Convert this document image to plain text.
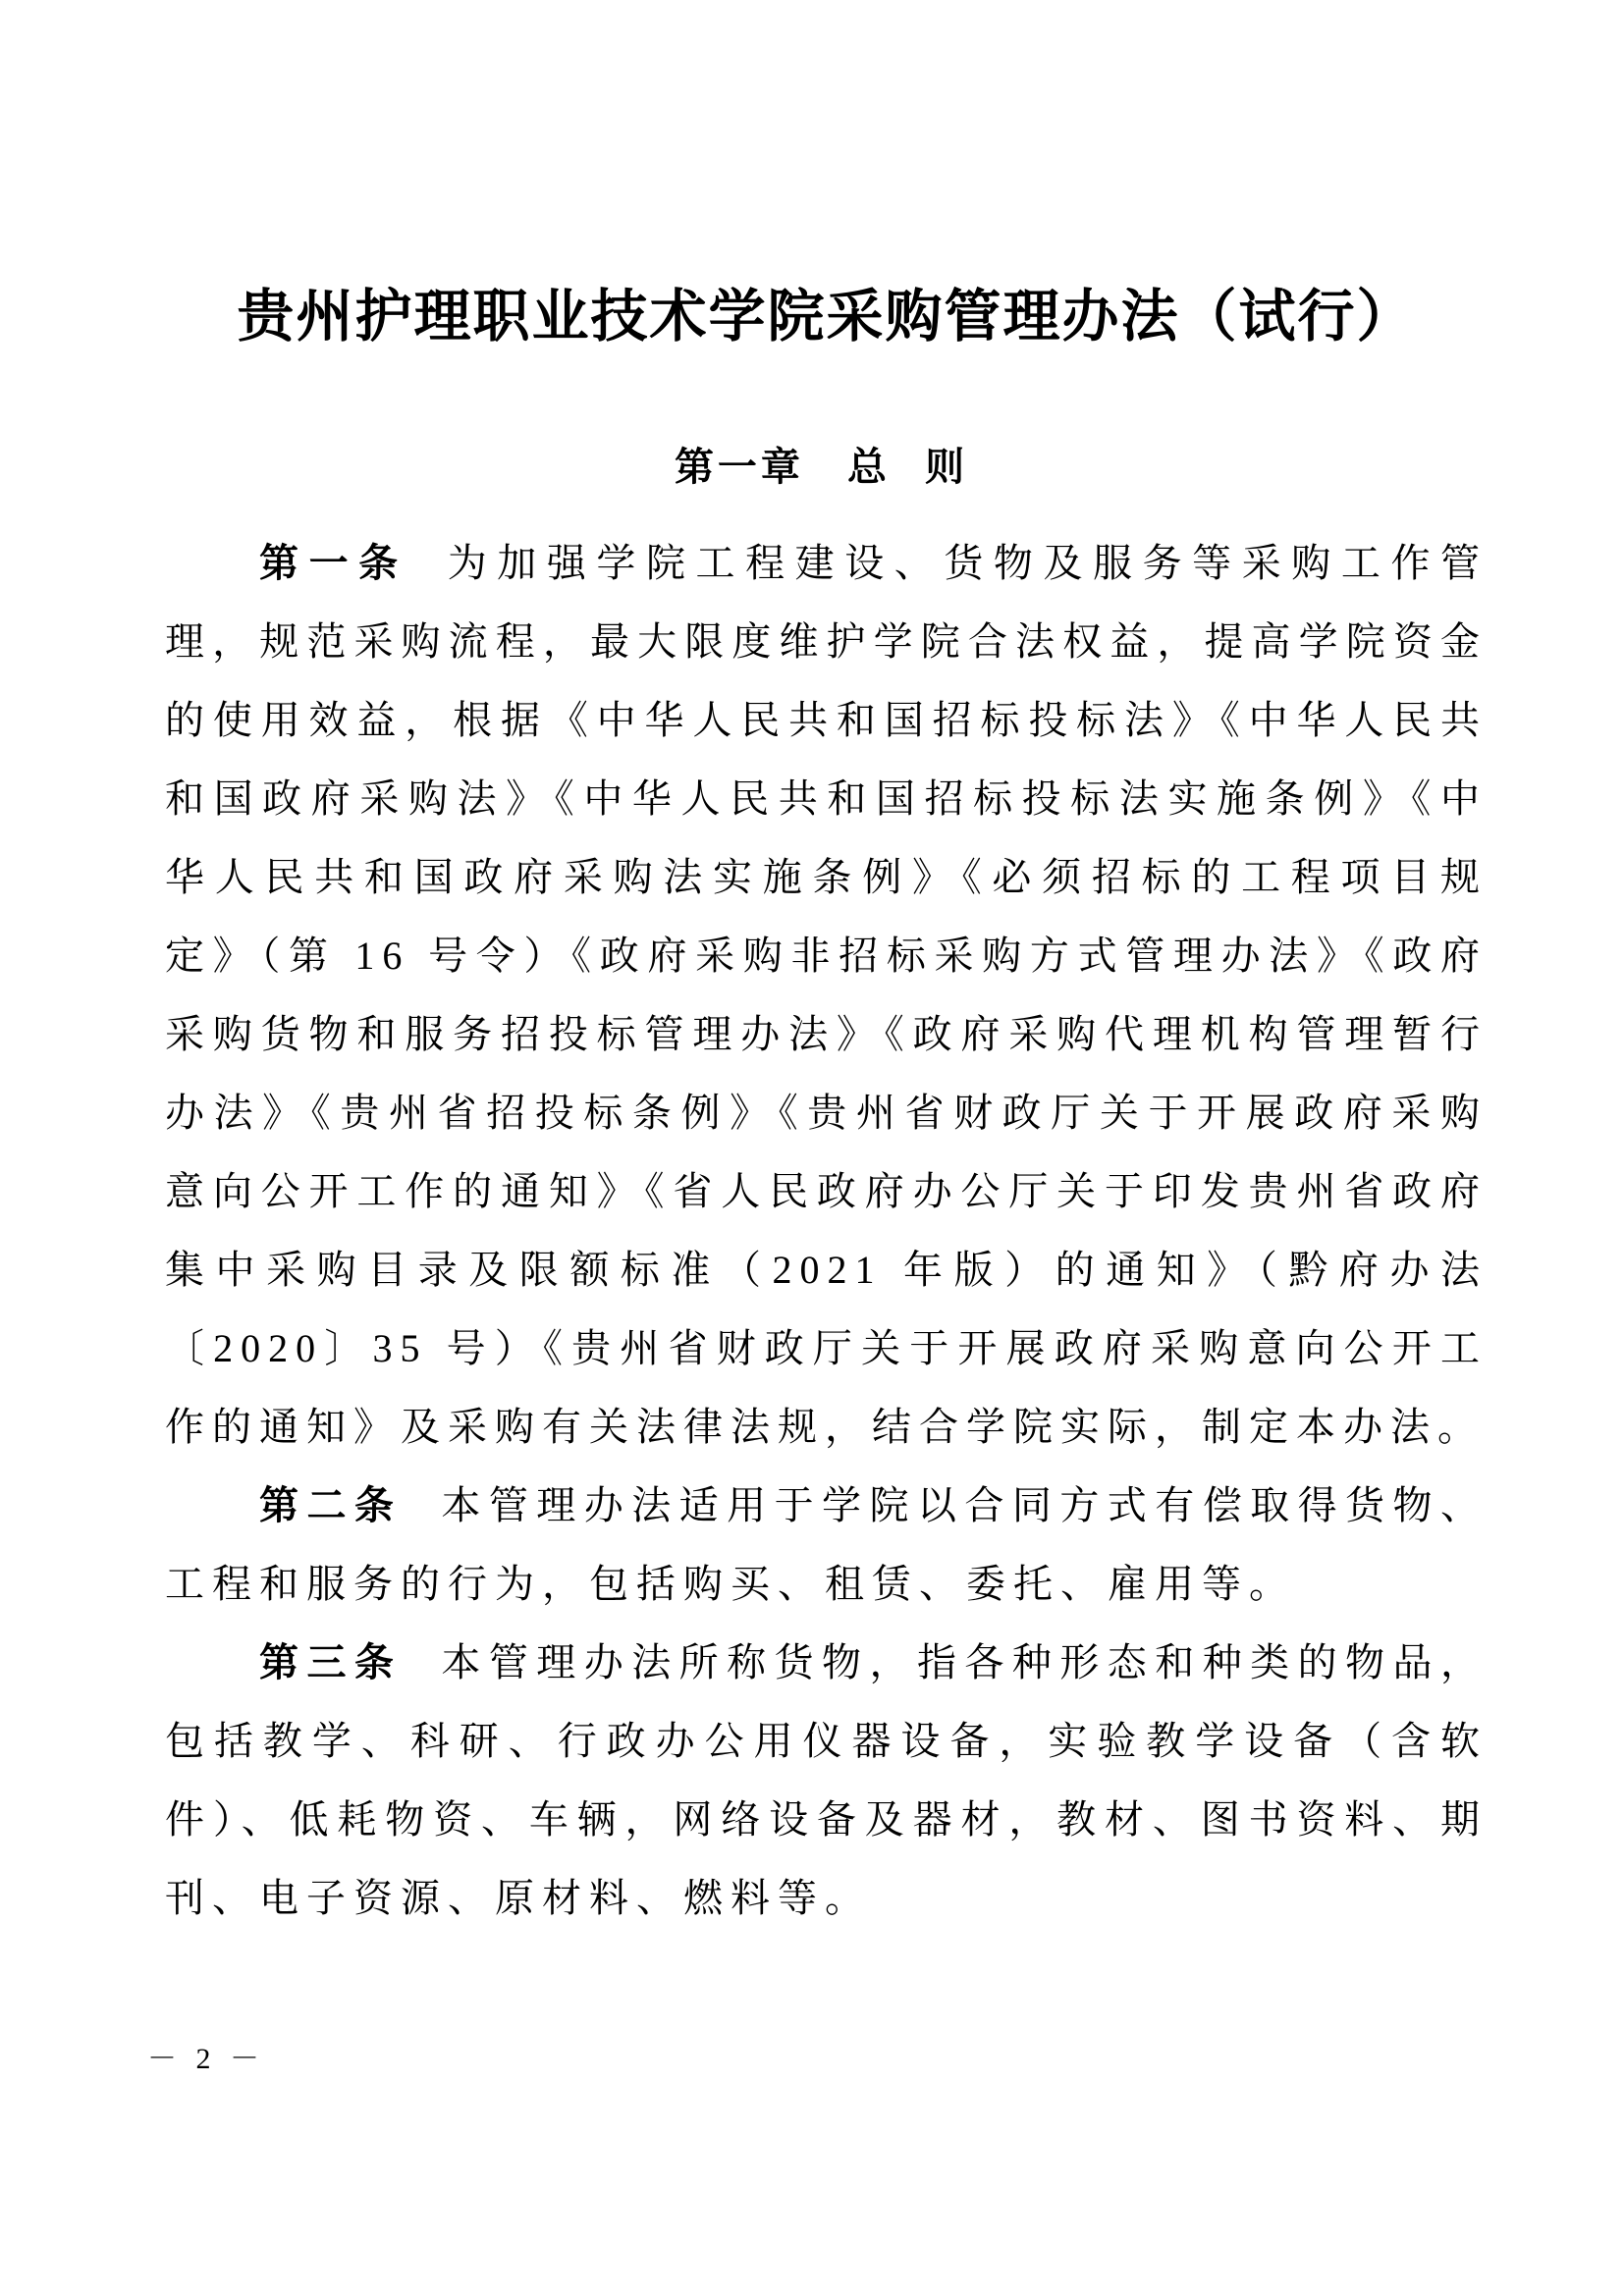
贵州护理职业技术学院采购管理办法（试行）
第一章 总 则

第一条 为加强学院工程建设、货物及服务等采购工作管理，规范采购流程，最大限度维护学院合法权益，提高学院资金的使用效益，根据《中华人民共和国招标投标法》《中华人民共和国政府采购法》《中华人民共和国招标投标法实施条例》《中华人民共和国政府采购法实施条例》《必须招标的工程项目规定》（第 16 号令）《政府采购非招标采购方式管理办法》《政府采购货物和服务招投标管理办法》《政府采购代理机构管理暂行办法》《贵州省招投标条例》《贵州省财政厅关于开展政府采购意向公开工作的通知》《省人民政府办公厅关于印发贵州省政府集中采购目录及限额标准（2021 年版）的通知》（黔府办法〔2020〕35 号）《贵州省财政厅关于开展政府采购意向公开工作的通知》及采购有关法律法规，结合学院实际，制定本办法。

第二条 本管理办法适用于学院以合同方式有偿取得货物、工程和服务的行为，包括购买、租赁、委托、雇用等。

第三条 本管理办法所称货物，指各种形态和种类的物品，包括教学、科研、行政办公用仪器设备，实验教学设备（含软件）、低耗物资、车辆，网络设备及器材，教材、图书资料、期刊、电子资源、原材料、燃料等。

－ 2 －
